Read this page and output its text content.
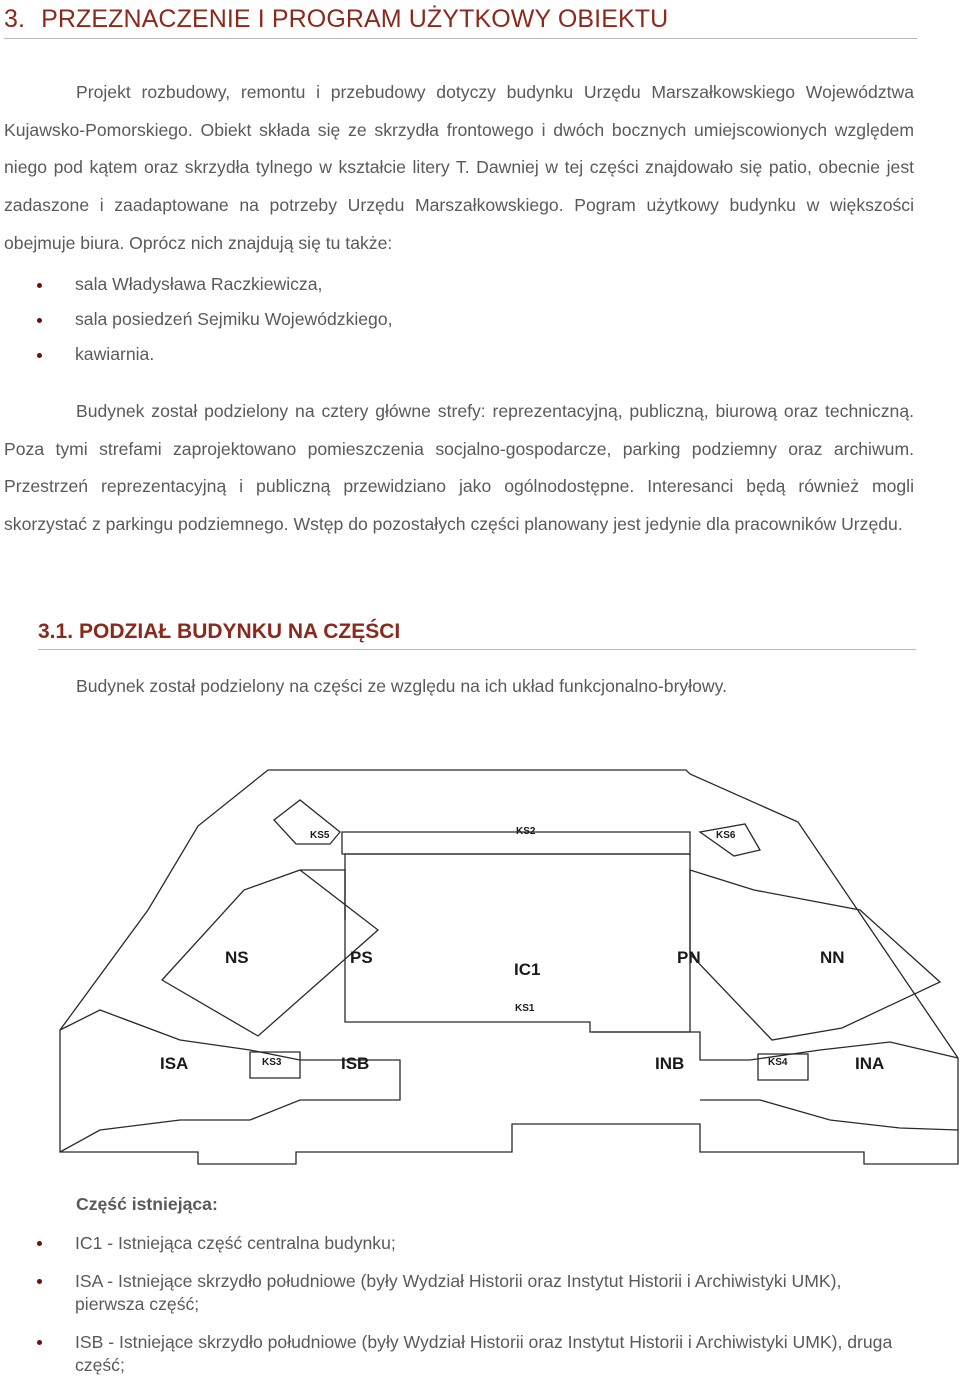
3. PRZEZNACZENIE I PROGRAM UŻYTKOWY OBIEKTU

Projekt rozbudowy, remontu i przebudowy dotyczy budynku Urzędu Marszałkowskiego Województwa Kujawsko-Pomorskiego. Obiekt składa się ze skrzydła frontowego i dwóch bocznych umiejscowionych względem niego pod kątem oraz skrzydła tylnego w kształcie litery T. Dawniej w tej części znajdowało się patio, obecnie jest zadaszone i zaadaptowane na potrzeby Urzędu Marszałkowskiego. Pogram użytkowy budynku w większości obejmuje biura. Oprócz nich znajdują się tu także:

sala Władysława Raczkiewicza,
sala posiedzeń Sejmiku Wojewódzkiego,
kawiarnia.

Budynek został podzielony na cztery główne strefy: reprezentacyjną, publiczną, biurową oraz techniczną. Poza tymi strefami zaprojektowano pomieszczenia socjalno-gospodarcze, parking podziemny oraz archiwum. Przestrzeń reprezentacyjną i publiczną przewidziano jako ogólnodostępne. Interesanci będą również mogli skorzystać z parkingu podziemnego. Wstęp do pozostałych części planowany jest jedynie dla pracowników Urzędu.

3.1. PODZIAŁ BUDYNKU NA CZĘŚCI

Budynek został podzielony na części ze względu na ich układ funkcjonalno-bryłowy.

KS5	KS2	KS6
NS	PS
IC1
PN	NN
KS1
ISA	KS3	ISB	INB	KS4	INA

Część istniejąca:

IC1 - Istniejąca część centralna budynku;
ISA - Istniejące skrzydło południowe (były Wydział Historii oraz Instytut Historii i Archiwistyki UMK), pierwsza część;
ISB - Istniejące skrzydło południowe (były Wydział Historii oraz Instytut Historii i Archiwistyki UMK), druga część;
